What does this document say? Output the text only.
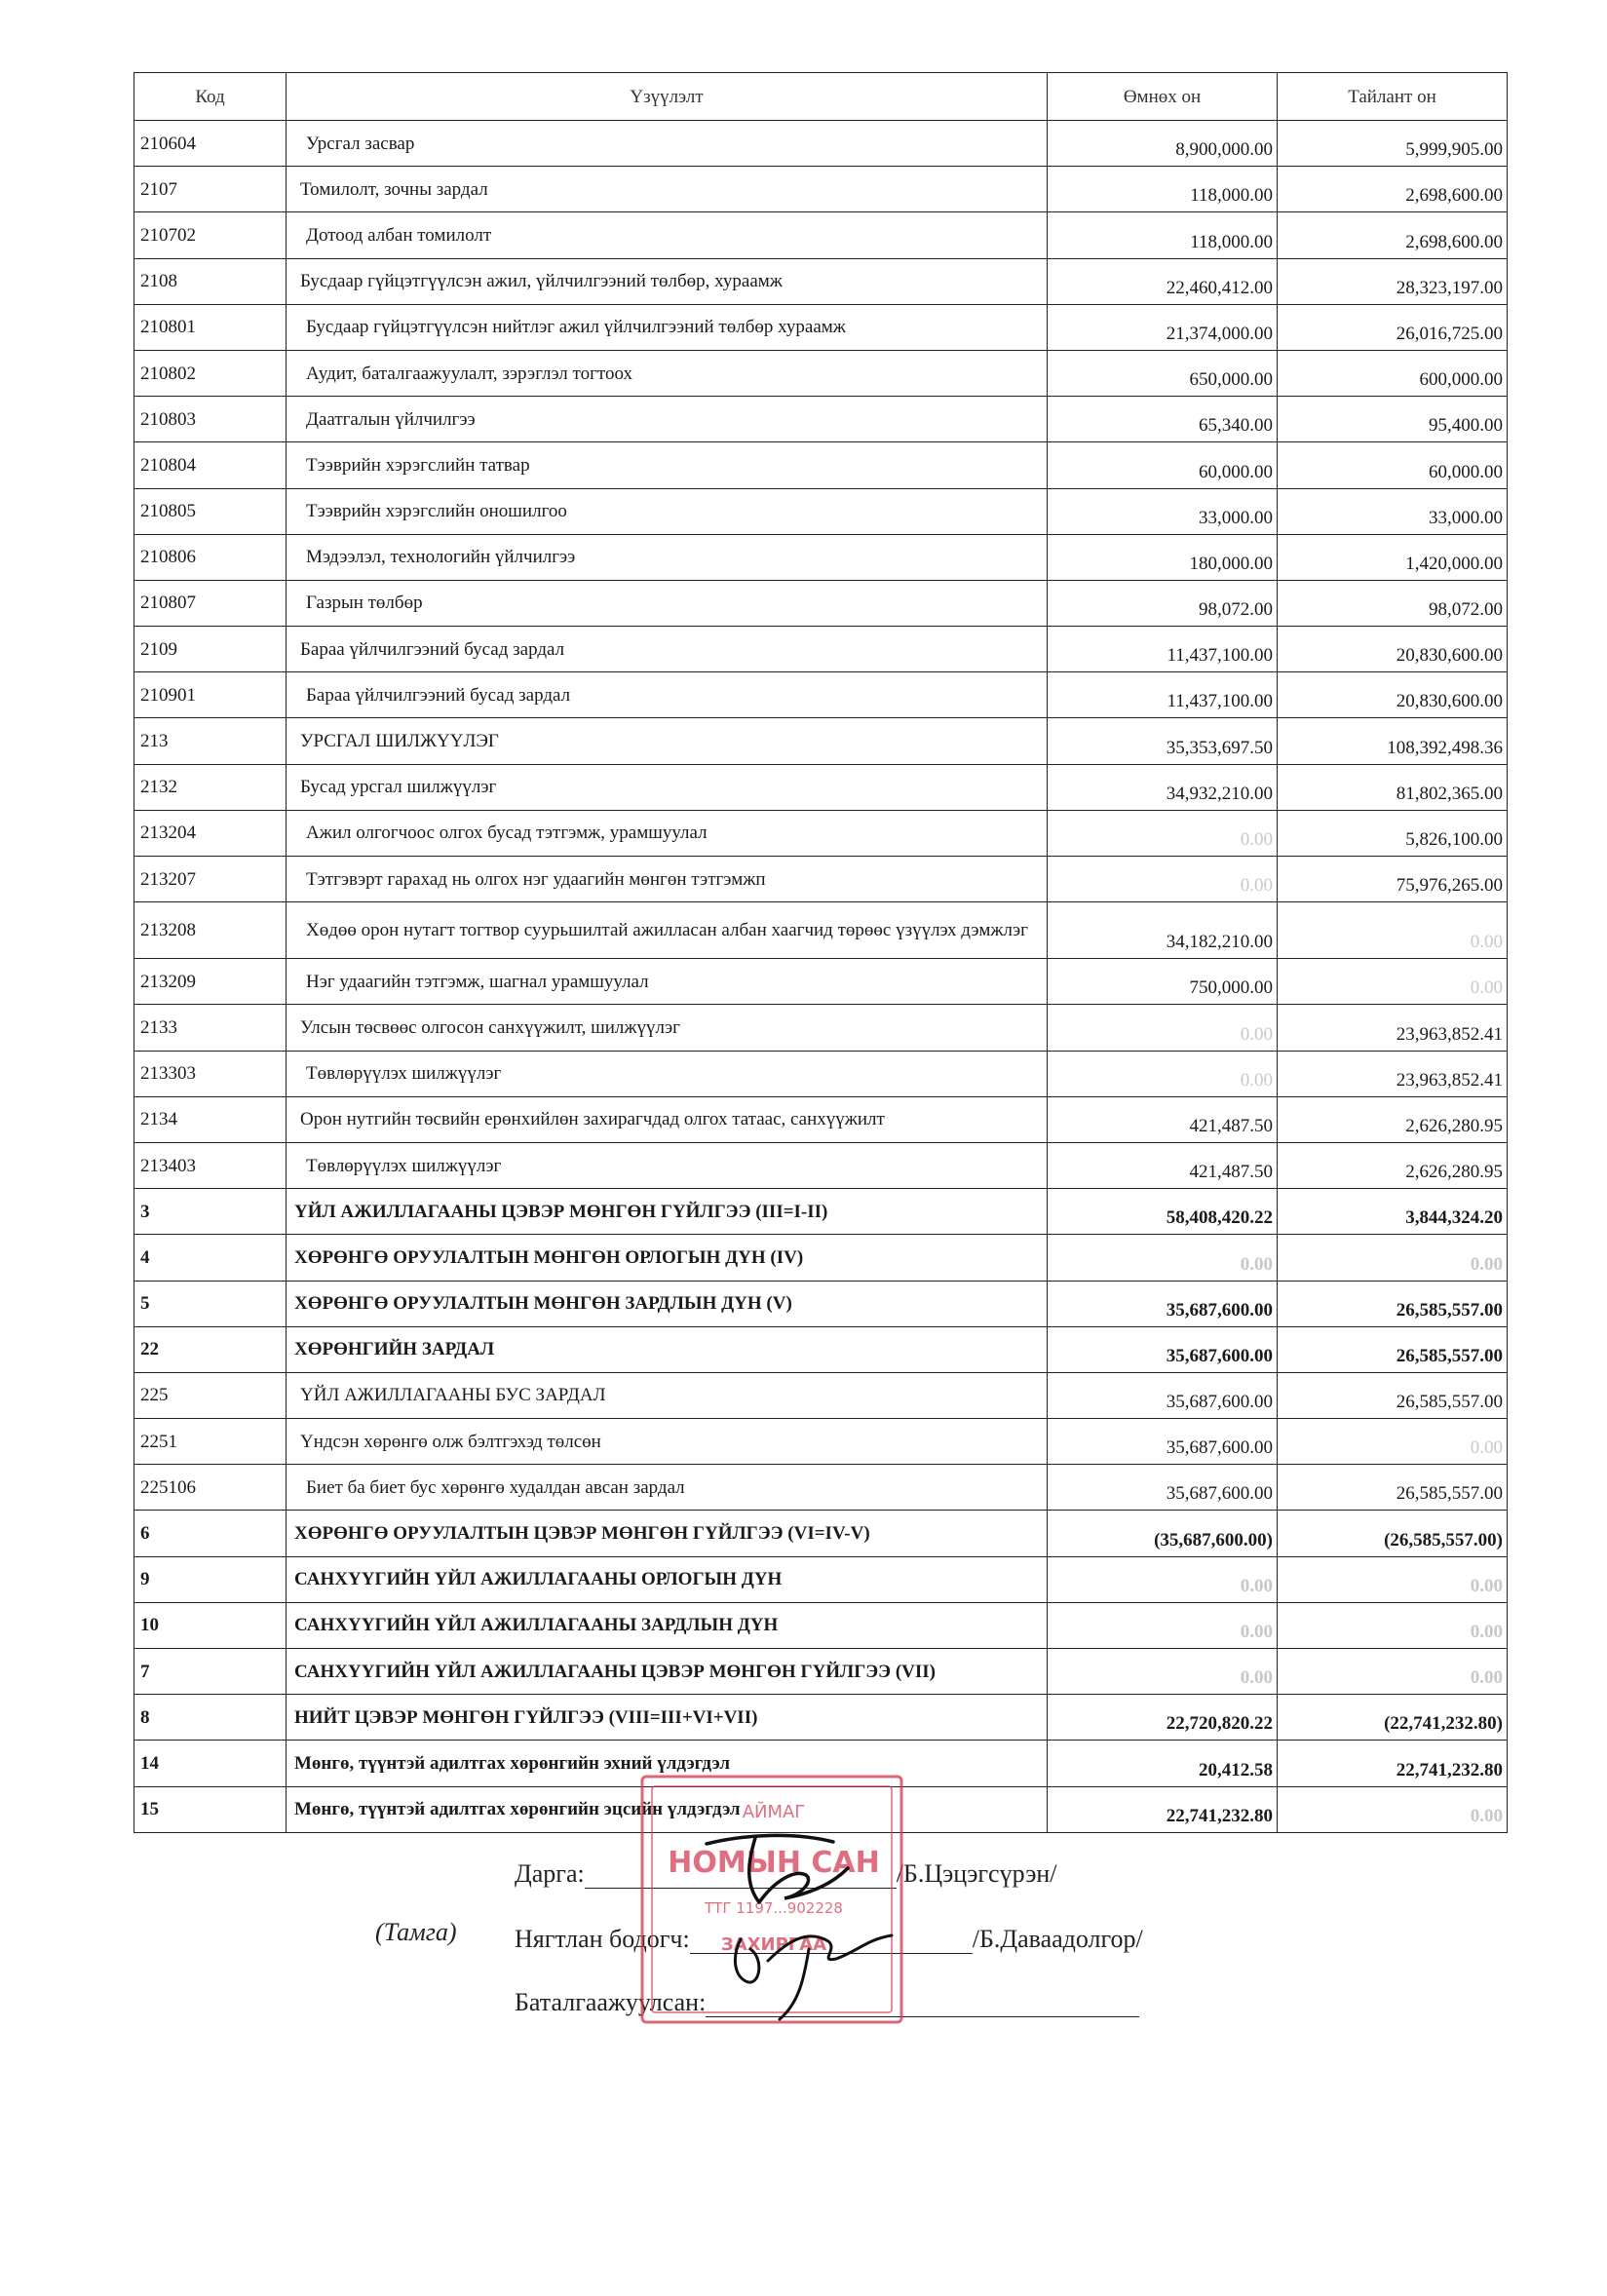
Код	Үзүүлэлт	Өмнөх он	Тайлант он
210604	Урсгал засвар	8,900,000.00	5,999,905.00
2107	Томилолт, зочны зардал	118,000.00	2,698,600.00
210702	Дотоод албан томилолт	118,000.00	2,698,600.00
2108	Бусдаар гүйцэтгүүлсэн ажил, үйлчилгээний төлбөр, хураамж	22,460,412.00	28,323,197.00
210801	Бусдаар гүйцэтгүүлсэн нийтлэг ажил үйлчилгээний төлбөр хураамж	21,374,000.00	26,016,725.00
210802	Аудит, баталгаажуулалт, зэрэглэл тогтоох	650,000.00	600,000.00
210803	Даатгалын үйлчилгээ	65,340.00	95,400.00
210804	Тээврийн хэрэгслийн татвар	60,000.00	60,000.00
210805	Тээврийн хэрэгслийн оношилгоо	33,000.00	33,000.00
210806	Мэдээлэл, технологийн үйлчилгээ	180,000.00	1,420,000.00
210807	Газрын төлбөр	98,072.00	98,072.00
2109	Бараа үйлчилгээний бусад зардал	11,437,100.00	20,830,600.00
210901	Бараа үйлчилгээний бусад зардал	11,437,100.00	20,830,600.00
213	УРСГАЛ ШИЛЖҮҮЛЭГ	35,353,697.50	108,392,498.36
2132	Бусад урсгал шилжүүлэг	34,932,210.00	81,802,365.00
213204	Ажил олгогчоос олгох бусад тэтгэмж, урамшуулал	0.00	5,826,100.00
213207	Тэтгэвэрт гарахад нь олгох нэг удаагийн мөнгөн тэтгэмжп	0.00	75,976,265.00
213208	Хөдөө орон нутагт тогтвор суурьшилтай ажилласан албан хаагчид төрөөс үзүүлэх дэмжлэг	34,182,210.00	0.00
213209	Нэг удаагийн тэтгэмж, шагнал урамшуулал	750,000.00	0.00
2133	Улсын төсвөөс олгосон санхүүжилт, шилжүүлэг	0.00	23,963,852.41
213303	Төвлөрүүлэх шилжүүлэг	0.00	23,963,852.41
2134	Орон нутгийн төсвийн ерөнхийлөн захирагчдад олгох татаас, санхүүжилт	421,487.50	2,626,280.95
213403	Төвлөрүүлэх шилжүүлэг	421,487.50	2,626,280.95
3	ҮЙЛ АЖИЛЛАГААНЫ ЦЭВЭР МӨНГӨН ГҮЙЛГЭЭ (III=I-II)	58,408,420.22	3,844,324.20
4	ХӨРӨНГӨ ОРУУЛАЛТЫН МӨНГӨН ОРЛОГЫН ДҮН (IV)	0.00	0.00
5	ХӨРӨНГӨ ОРУУЛАЛТЫН МӨНГӨН ЗАРДЛЫН ДҮН (V)	35,687,600.00	26,585,557.00
22	ХӨРӨНГИЙН ЗАРДАЛ	35,687,600.00	26,585,557.00
225	ҮЙЛ АЖИЛЛАГААНЫ БУС ЗАРДАЛ	35,687,600.00	26,585,557.00
2251	Үндсэн хөрөнгө олж бэлтгэхэд төлсөн	35,687,600.00	0.00
225106	Биет ба биет бус хөрөнгө худалдан авсан зардал	35,687,600.00	26,585,557.00
6	ХӨРӨНГӨ ОРУУЛАЛТЫН ЦЭВЭР МӨНГӨН ГҮЙЛГЭЭ (VI=IV-V)	(35,687,600.00)	(26,585,557.00)
9	САНХҮҮГИЙН ҮЙЛ АЖИЛЛАГААНЫ ОРЛОГЫН ДҮН	0.00	0.00
10	САНХҮҮГИЙН ҮЙЛ АЖИЛЛАГААНЫ ЗАРДЛЫН ДҮН	0.00	0.00
7	САНХҮҮГИЙН ҮЙЛ АЖИЛЛАГААНЫ ЦЭВЭР МӨНГӨН ГҮЙЛГЭЭ (VII)	0.00	0.00
8	НИЙТ ЦЭВЭР МӨНГӨН ГҮЙЛГЭЭ (VIII=III+VI+VII)	22,720,820.22	(22,741,232.80)
14	Мөнгө, түүнтэй адилтгах хөрөнгийн эхний үлдэгдэл	20,412.58	22,741,232.80
15	Мөнгө, түүнтэй адилтгах хөрөнгийн эцсийн үлдэгдэл	22,741,232.80	0.00
(Тамга)
Дарга:	/Б.Цэцэгсүрэн/
Нягтлан бодогч:	/Б.Даваадолгор/
Баталгаажуулсан:
АЙМАГ
НОМЫН САН
ТТГ 1197...902228
ЗАХИРГАА
